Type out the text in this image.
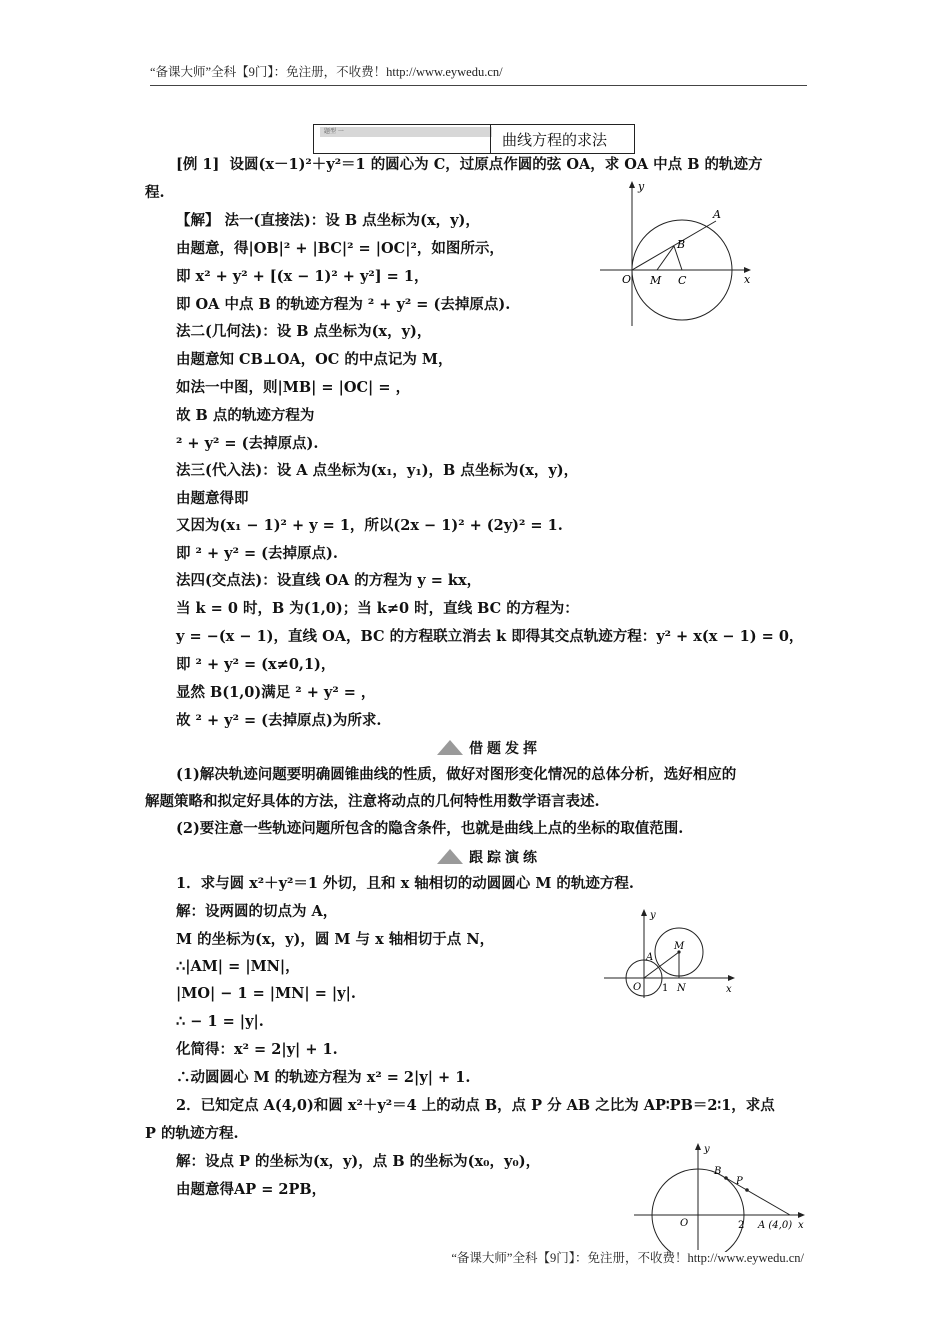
“备课大师”全科【9门】：免注册，不收费！http://www.eywedu.cn/
题型 一	曲线方程的求法
[例 1] 设圆(x－1)²＋y²＝1 的圆心为 C，过原点作圆的弦 OA，求 OA 中点 B 的轨迹方
程.
【解】 法一(直接法)：设 B 点坐标为(x，y)，
由题意，得|OB|² + |BC|² = |OC|²，如图所示，
即 x² + y² + [(x − 1)² + y²] = 1，
即 OA 中点 B 的轨迹方程为 ² + y² = (去掉原点).
法二(几何法)：设 B 点坐标为(x，y)，
由题意知 CB⊥OA，OC 的中点记为 M，
如法一中图，则|MB| = |OC| = ，
故 B 点的轨迹方程为
² + y² = (去掉原点).
法三(代入法)：设 A 点坐标为(x₁，y₁)，B 点坐标为(x，y)，
由题意得即
又因为(x₁ − 1)² + y = 1，所以(2x − 1)² + (2y)² = 1.
即 ² + y² = (去掉原点).
法四(交点法)：设直线 OA 的方程为 y = kx，
当 k = 0 时，B 为(1,0)；当 k≠0 时，直线 BC 的方程为：
y = −(x − 1)，直线 OA，BC 的方程联立消去 k 即得其交点轨迹方程：y² + x(x − 1) = 0，
即 ² + y² = (x≠0,1)，
显然 B(1,0)满足 ² + y² = ，
故 ² + y² = (去掉原点)为所求.
y
x
O M C
B
A
借题发挥
(1)解决轨迹问题要明确圆锥曲线的性质，做好对图形变化情况的总体分析，选好相应的
解题策略和拟定好具体的方法，注意将动点的几何特性用数学语言表述.
(2)要注意一些轨迹问题所包含的隐含条件，也就是曲线上点的坐标的取值范围.
跟踪演练
1．求与圆 x²＋y²＝1 外切，且和 x 轴相切的动圆圆心 M 的轨迹方程.
解：设两圆的切点为 A，
M 的坐标为(x，y)，圆 M 与 x 轴相切于点 N，
∴|AM| = |MN|，
|MO| − 1 = |MN| = |y|.
∴ − 1 = |y|.
化简得：x² = 2|y| + 1.
∴动圆圆心 M 的轨迹方程为 x² = 2|y| + 1.
y
x
O
A
M
1 N
2．已知定点 A(4,0)和圆 x²＋y²＝4 上的动点 B，点 P 分 AB 之比为 AP∶PB＝2∶1，求点
P 的轨迹方程.
解：设点 P 的坐标为(x，y)，点 B 的坐标为(x₀，y₀)，
由题意得AP = 2PB，
y
x
O
B
P
2 A (4,0)
“备课大师”全科【9门】：免注册，不收费！http://www.eywedu.cn/
